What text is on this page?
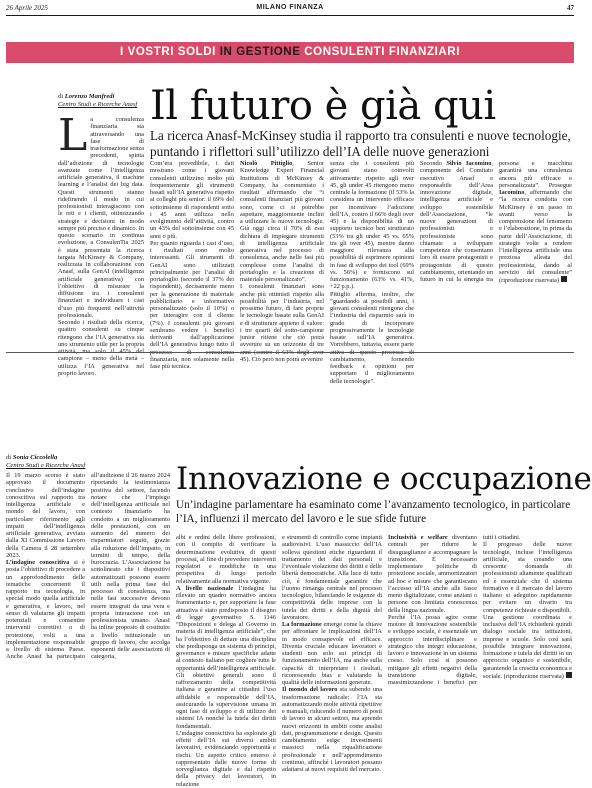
26 Aprile 2025	MILANO FINANZA	47
I VOSTRI SOLDI IN GESTIONE CONSULENTI FINANZIARI
di Lorenzo Manfredi
Centro Studi e Ricerche Anasf Il futuro è già qui
La ricerca Anasf-McKinsey studia il rapporto tra consulenti e nuove tecnologie, puntando i riflettori sull’utilizzo dell’IA delle nuove generazioni
La consulenza finanziaria sta attraversando una fase di trasformazione senza precedenti, spinta dall’adozione di tecnologie avanzate come l’intelligenza artificiale generativa, il machine learning e l’analisi dei big data. Questi strumenti stanno ridefinendo il modo in cui professionisti interagiscono con le reti e i clienti, ottimizzando strategie e decisioni in modo sempre più preciso e dinamico. In questo scenario in continua evoluzione, a ConsulenTia 2025 è stata presentata la ricerca targata McKinsey & Company, realizzata in collaborazione con Anasf, sulla GenAI (intelligenza artificiale generativa) con l’obiettivo di misurare la diffusione tra i consulenti finanziari e individuare i casi d’uso più frequenti nell’attività professionale.
Secondo i risultati della ricerca, quattro consulenti su cinque ritengono che l’IA generativa sia uno strumento utile per la propria campione – meno della metà – utilizza l’IA generativa nel proprio lavoro.
Com’era prevedibile, i dati mostrano come i giovani consulenti utilizzino molto più frequentemente gli strumenti basati sull’IA generativa rispetto ai colleghi più senior: il 69% del sottoinsieme di rispondenti sotto i 45 anni utilizza nello svolgimento dell’attività, contro un 43% del sottoinsieme con 45 anni o più.
Per quanto riguarda i casi d’uso, i risultati sono molto interessanti. Gli strumenti di GenAI sono utilizzati principalmente per l’analisi di portafoglio (secondo il 37% dei rispondenti), decisamente meno per la generazione di materiale pubblicitario e informativo personalizzato (solo il 10%) o per interagire con il cliente (7%). I consulenti più giovani sembrano vedere i benefici derivanti dall’applicazione dell’IA generativa lungo tutto il finanziaria, non solamente nella fase più tecnica.
Nicolò Pittiglio, Senior Knowledge Expert Financial Institutions di McKinsey & Company, ha commentato i risultati affermando che “i consulenti finanziari più giovani sono, come ci si potrebbe aspettare, maggiormente inclini a utilizzare le nuove tecnologie. Già oggi circa il 70% di essi dichiara di impiegare strumenti di intelligenza artificiale generativa nel processo di consulenza, anche nelle fasi più complesse come l’analisi di portafoglio e la creazione di materiale personalizzato”.
I consulenti finanziari sono anche più ottimisti rispetto alla possibilità per l’industria, nel prossimo futuro, di fare proprie le tecnologie basate sulla GenAI e di strutturare appieno il valore: i tre quarti del sotto-campione junior ritiene che ciò potrà avvenire su un orizzonte di tre 45). Ciò però non potrà avvenire
senza che i consulenti più giovani siano coinvolti attivamente: rispetto agli over 45, gli under 45 ritengono meno centrale la formazione (il 53% la considera un intervento efficace per incentivare l’adozione dell’IA, contro il 66% degli over 45) e la disponibilità di un supporto tecnico ben strutturato (53% tra gli under 45 vs. 65% tra gli over 45), mentre danno maggiore rilevanza alla possibilità di esprimere opinioni in fase di sviluppo dei tool (69% vs. 56%) e forniscono sul funzionamento (63% vs. 41%, +22 p.p.).
Pittiglio afferma, inoltre, che “guardando ai possibili anni, i giovani consulenti ritengono che l’industria del risparmio sarà in grado di incorporare progressivamente le tecnologie basate sull’IA generativa. Vorrebbero, tuttavia, essere parte cambiamento, fornendo feedback e opinioni per supportare il miglioramento delle tecnologie”.
Secondo Silvio Iacomino, componente del Comitato esecutivo Anasf e responsabile dell’Area innovazione digitale, intelligenza artificiale e sviluppo sostenibile dell’Associazione, “le nuove generazioni di professionisti e professioniste sono chiamate a sviluppare competenze che consentano loro di essere protagonisti e protagoniste di questo cambiamento, orientando un futuro in cui la sinergia tra persona e macchina garantirà una consulenza ancora più efficace e personalizzata”. Prosegue Iacomino, affermando che “la ricerca condotta con McKinsey è un passo in avanti verso la comprensione del fenomeno e l’elaborazione, in prima da parte dell’Associazione, di strategie volte a rendere l’intelligenza artificiale una preziosa alleata del professionista, dando al servizio del consulente” (riproduzione riservata)
di Sonia Ciccolella
Centro Studi e Ricerche Anasf	Innovazione e occupazione
Un’indagine parlamentare ha esaminato come l’avanzamento tecnologico, in particolare l’IA, influenzi il mercato del lavoro e le sue sfide future
Il 19 marzo scorso è stato approvato il documento conclusivo dell’indagine conoscitiva sul rapporto tra intelligenza artificiale e mondo del lavoro, con particolare riferimento agli impatti dell’intelligenza artificiale generativa, avviata dalla XI Commissione Lavoro della Camera il 28 settembre 2023.
L’indagine conoscitiva si è posta l’obiettivo di procedere a un approfondimento delle tematiche concernenti il rapporto tra tecnologia, in special modo quella artificiale e generativa, e lavoro, nel senso di valutarne gli impatti potenziali e consentire interventi correttivi o di protezione, volti a una implementazione responsabile a livello di sistema Paese. Anche Anasf ha partecipato all’audizione il 26 marzo 2024 riportando la testimonianza positiva del settore, facendo notare che l’impiego dell’intelligenza artificiale nel contesto finanziario ha condotto a un miglioramento delle prestazioni, con un aumento del numero dei risparmiatori seguiti, grazie alla riduzione dell’impatto, in termini di tempo, della burocrazia. L’Associazione ha sottolineato che i dispositivi automatizzati possono essere utili nella prima fase del processo di consulenza, ma nelle fasi successive devono essere integrati da una vera e propria interazione con un professionista umano. Anasf ha infine proposto di costituire a livello istituzionale un gruppo di lavoro, che accolga esponenti delle associazioni di categoria,
albi e ordini delle libere professioni, con il compito di verificare la determinazione evolutiva di questi processi, al fine di prevedere interventi regolatori e modifiche in una prospettiva di lungo periodo relativamente alla normativa vigente.
A livello nazionale l’indagine ha rilevato un quadro normativo ancora frammentario e, per supportare la fase attuativa è stato predisposto il disegno di legge governativo S. 1146 “Disposizioni e delega al Governo in materia di intelligenza artificiale”, che ha l’obiettivo di dettare una disciplina che predisponga un sistema di principi, governance e misure specifiche adatte al contesto italiano per cogliere tutte le opportunità dell’intelligenza artificiale. Gli obiettivi generali sono il rafforzamento della competitività italiana e garantire ai cittadini l’uso affidabile e responsabile dell’IA, assicurando la supervisione umana in ogni fase di sviluppo e di utilizzo dei sistemi IA nonché la tutela dei diritti fondamentali.
L’indagine conoscitiva ha esplorato gli effetti dell’IA sui diversi ambiti lavorativi, evidenziando opportunità e rischi. Un aspetto critico emerso è rappresentato dalle nuove forme di sorveglianza digitale e dal rispetto della privacy dei lavoratori, in relazione
e strumenti di controllo come impianti audiovisivi. L’uso massiccio dell’IA solleva questioni etiche riguardanti il trattamento dei dati personali e l’eventuale violazione dei diritti e delle libertà democratiche. Alla luce di tutto ciò, è fondamentale garantire che l’uomo rimanga centrale nel processo tecnologico, bilanciando le esigenze di competitività delle imprese con la tutela dei diritti e della dignità del lavoratore.
La formazione emerge come la chiave per affrontare le implicazioni dell’IA in modo consapevole ed efficace. Diventa cruciale educare lavoratori e studenti non solo sui principi di funzionamento dell’IA, ma anche sulla capacità di interpretare i risultati, riconoscendo bias e valutando la qualità delle informazioni generate.
Il mondo del lavoro sta subendo una trasformazione radicale: l’IA sta automatizzando molte attività ripetitive e manuali, riducendo il numero di posti di lavoro in alcuni settori, ma aprendo nuovi orizzonti in ambiti come analisi dati, programmazione e design. Questo cambiamento esige investimenti massicci nella riqualificazione professionale e nell’apprendimento continuo, affinché i lavoratori possano adattarsi ai nuovi requisiti del mercato.
Inclusività e welfare diventano centrali per ridurre le disuguaglianze e accompagnare la transizione. È necessario implementare politiche di protezione sociale, ammortizzatori ad hoc e misure che garantiscano l’accesso all’IA anche alle fasce meno digitalizzate, come anziani o persone con limitata conoscenza della lingua nazionale.
Perché l’IA possa agire come motore di innovazione sostenibile e sviluppo sociale, è essenziale un approccio interdisciplinare e strategico che integri educazione, lavoro e innovazione in un sistema coeso. Solo così si possono mitigare gli effetti negativi della transizione digitale, massimizzandone i benefici per tutti i cittadini.
Il progresso delle nuove tecnologie, incluse l’intelligenza artificiale, sta creando una crescente domanda di professionisti altamente qualificati ed è essenziale che il sistema formativo e il mercato del lavoro italiano si adeguino rapidamente per evitare un divario tra competenze richieste e disponibili.
Una gestione coordinata e inclusiva dell’IA richiederà quindi dialogo sociale tra istituzioni, imprese e scuole. Solo così sarà possibile integrare innovazione, formazione e tutela dei diritti in un approccio organico e sostenibile, garantendo la crescita economica e sociale. (riproduzione riservata)
